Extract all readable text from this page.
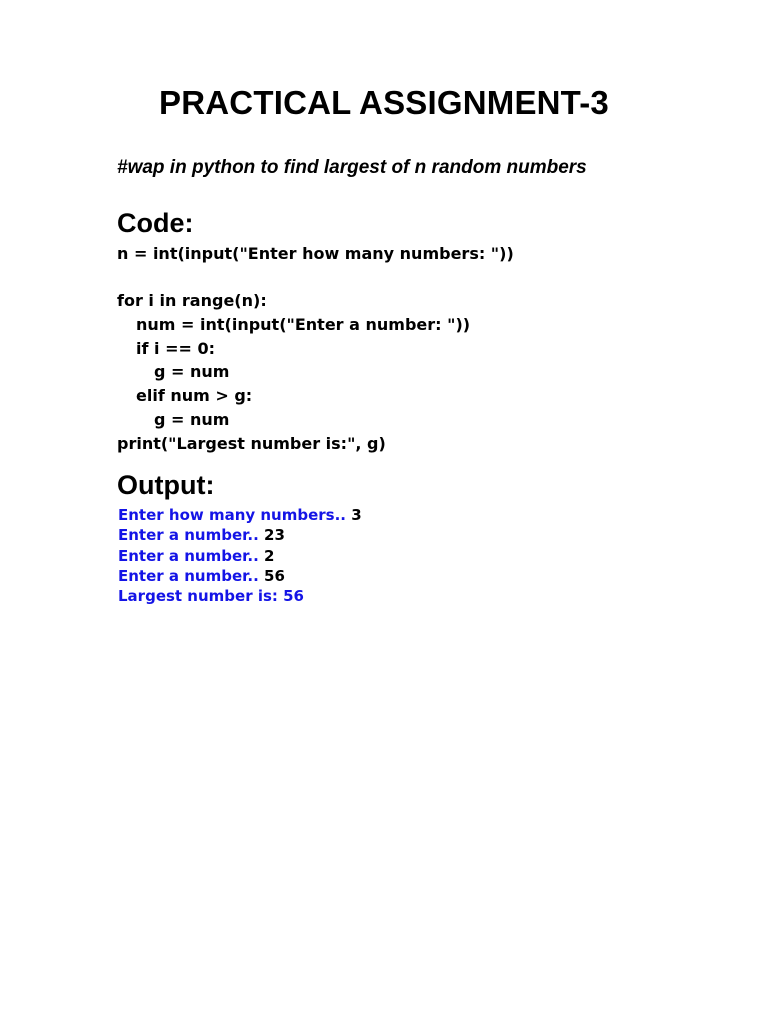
PRACTICAL ASSIGNMENT-3

#wap in python to find largest of n random numbers

Code:
n = int(input("Enter how many numbers: "))
for i in range(n):
num = int(input("Enter a number: "))
if i == 0:
g = num
elif num > g:
g = num
print("Largest number is:", g)
Output:
Enter how many numbers.. 3
Enter a number.. 23
Enter a number.. 2
Enter a number.. 56
Largest number is: 56
